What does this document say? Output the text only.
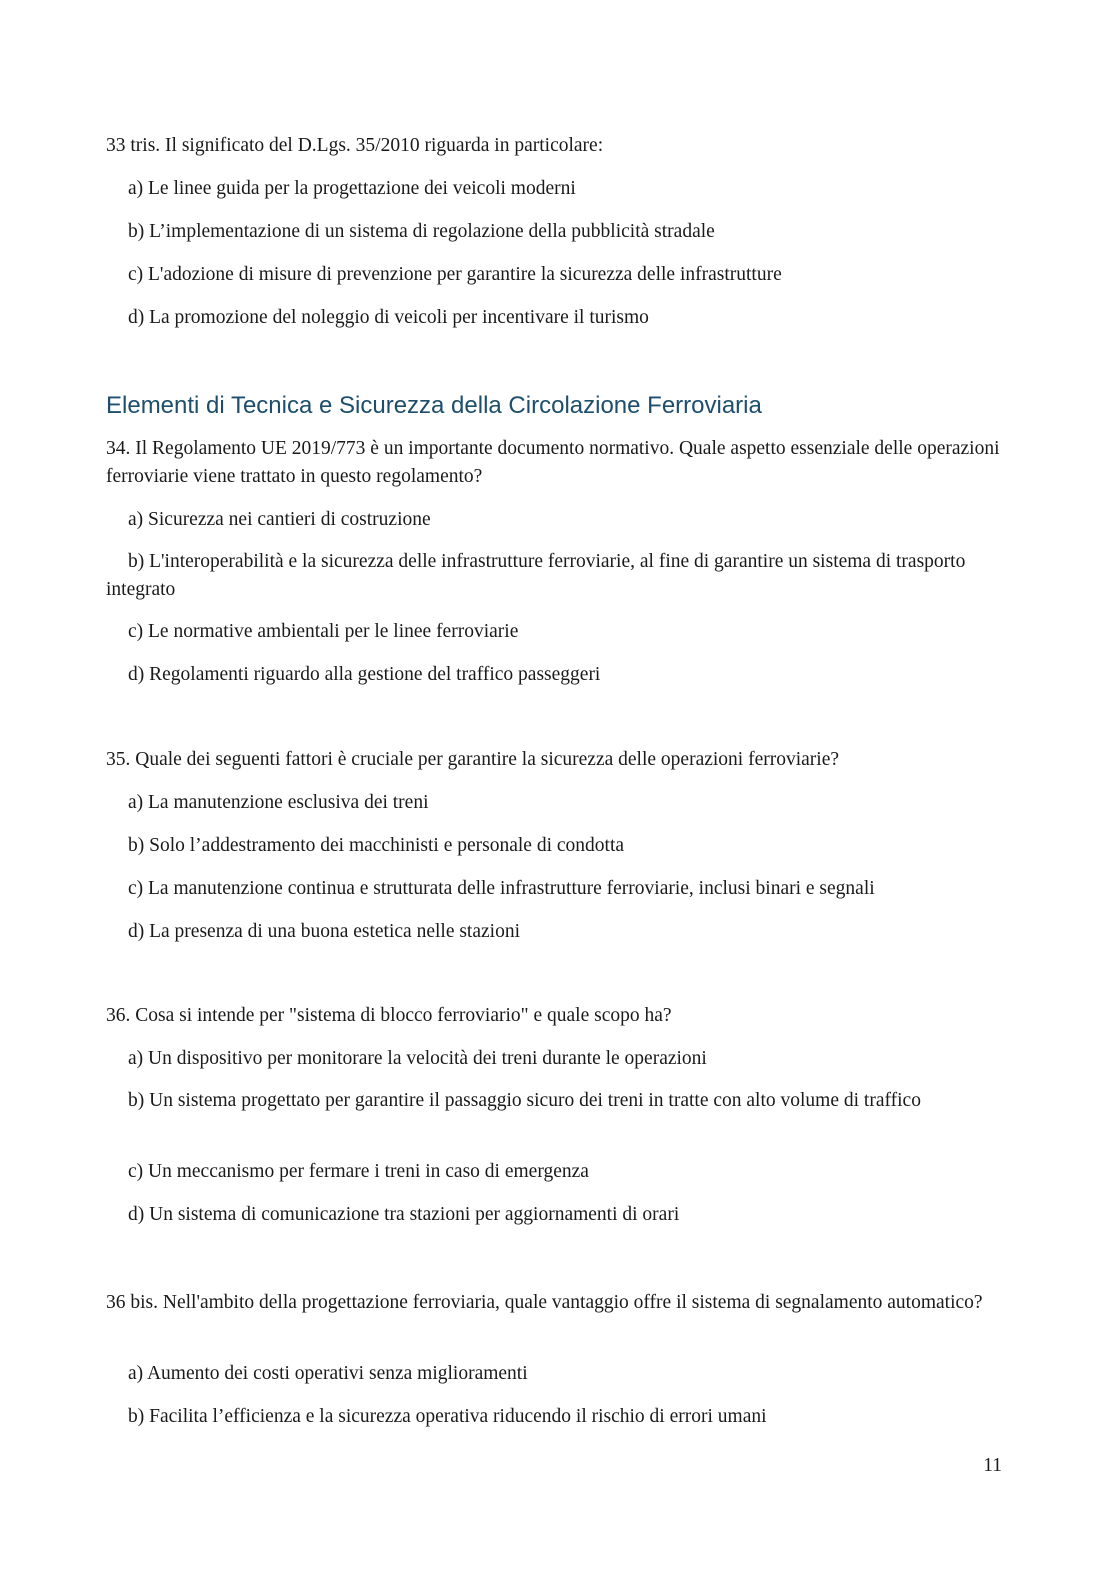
33 tris. Il significato del D.Lgs. 35/2010 riguarda in particolare:
a) Le linee guida per la progettazione dei veicoli moderni
b) L’implementazione di un sistema di regolazione della pubblicità stradale
c) L'adozione di misure di prevenzione per garantire la sicurezza delle infrastrutture
d) La promozione del noleggio di veicoli per incentivare il turismo
Elementi di Tecnica e Sicurezza della Circolazione Ferroviaria
34. Il Regolamento UE 2019/773 è un importante documento normativo. Quale aspetto essenziale delle operazioni ferroviarie viene trattato in questo regolamento?
a) Sicurezza nei cantieri di costruzione
b) L'interoperabilità e la sicurezza delle infrastrutture ferroviarie, al fine di garantire un sistema di trasporto integrato
c) Le normative ambientali per le linee ferroviarie
d) Regolamenti riguardo alla gestione del traffico passeggeri
35. Quale dei seguenti fattori è cruciale per garantire la sicurezza delle operazioni ferroviarie?
a) La manutenzione esclusiva dei treni
b) Solo l’addestramento dei macchinisti e personale di condotta
c) La manutenzione continua e strutturata delle infrastrutture ferroviarie, inclusi binari e segnali
d) La presenza di una buona estetica nelle stazioni
36. Cosa si intende per "sistema di blocco ferroviario" e quale scopo ha?
a) Un dispositivo per monitorare la velocità dei treni durante le operazioni
b) Un sistema progettato per garantire il passaggio sicuro dei treni in tratte con alto volume di traffico
c) Un meccanismo per fermare i treni in caso di emergenza
d) Un sistema di comunicazione tra stazioni per aggiornamenti di orari
36 bis. Nell'ambito della progettazione ferroviaria, quale vantaggio offre il sistema di segnalamento automatico?
a) Aumento dei costi operativi senza miglioramenti
b) Facilita l’efficienza e la sicurezza operativa riducendo il rischio di errori umani
11
